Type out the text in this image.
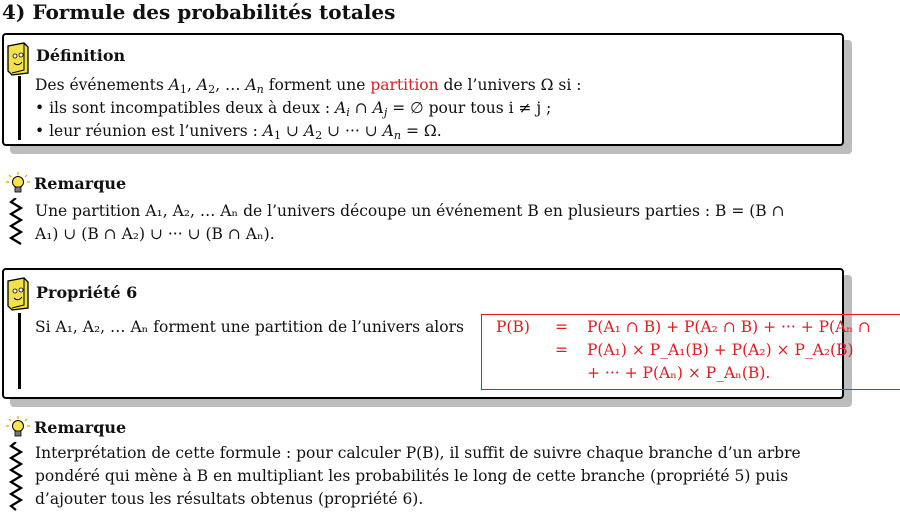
4) Formule des probabilités totales
Définition
Des événements $A_1$, $A_2$, … $A_n$ forment une partition de l’univers Ω si :
• ils sont incompatibles deux à deux : $A_i$ ∩ $A_j$ = ∅ pour tous i ≠ j ;
• leur réunion est l’univers : $A_1$ ∪ $A_2$ ∪ ··· ∪ $A_n = \Omega$.
Remarque
Une partition A₁, A₂, … Aₙ de l’univers découpe un événement B en plusieurs parties : B = (B ∩
A₁) ∪ (B ∩ A₂) ∪ ··· ∪ (B ∩ Aₙ).
Propriété 6
Si A₁, A₂, … Aₙ forment une partition de l’univers alors P(B) = P(A₁ ∩ B) + P(A₂ ∩ B) + ··· + P(Aₙ ∩
= P(A₁) × P_A₁(B) + P(A₂) × P_A₂(B)
+ ··· + P(Aₙ) × P_Aₙ(B).
Remarque
Interprétation de cette formule : pour calculer P(B), il suffit de suivre chaque branche d’un arbre
pondéré qui mène à B en multipliant les probabilités le long de cette branche (propriété 5) puis
d’ajouter tous les résultats obtenus (propriété 6).
